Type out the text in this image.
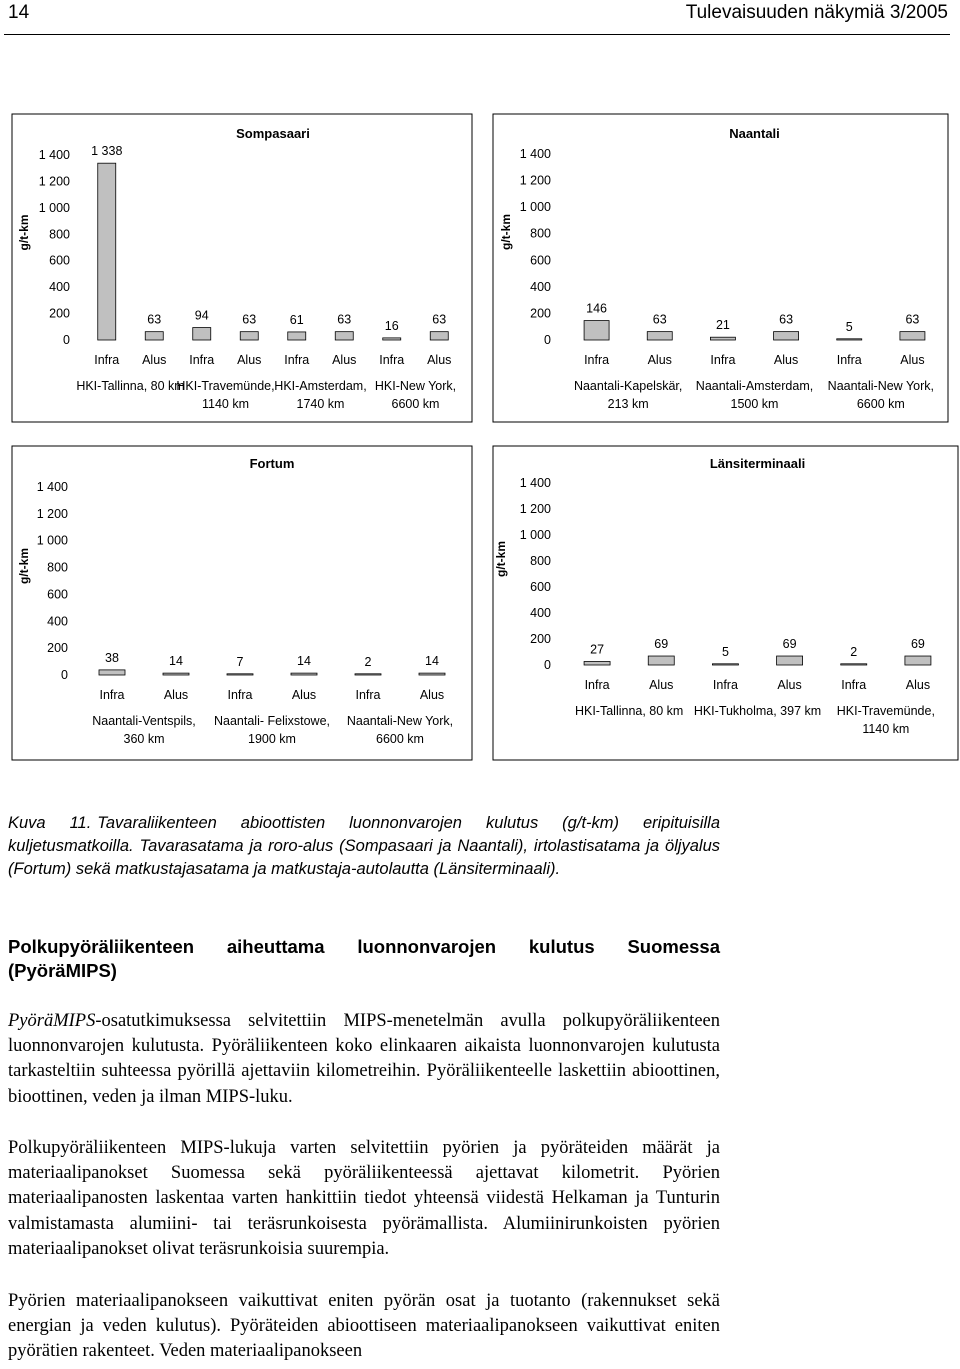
14	Tulevaisuuden näkymiä 3/2005
Sompasaari
g/t-km
1 400
1 200
1 000
800
600
400
200
0
1 338
Infra
63
Alus
94
Infra
63
Alus
61
Infra
63
Alus
16
Infra
63
Alus
HKI-Tallinna, 80 km
HKI-Travemünde,
1140 km
HKI-Amsterdam,
1740 km
HKI-New York,
6600 km
Naantali
g/t-km
1 400
1 200
1 000
800
600
400
200
0
146
Infra
63
Alus
21
Infra
63
Alus
5
Infra
63
Alus
Naantali-Kapelskär,
213 km
Naantali-Amsterdam,
1500 km
Naantali-New York,
6600 km
Fortum
g/t-km
1 400
1 200
1 000
800
600
400
200
0
38
Infra
14
Alus
7
Infra
14
Alus
2
Infra
14
Alus
Naantali-Ventspils,
360 km
Naantali- Felixstowe,
1900 km
Naantali-New York,
6600 km
Länsiterminaali
g/t-km
1 400
1 200
1 000
800
600
400
200
0
27
Infra
69
Alus
5
Infra
69
Alus
2
Infra
69
Alus
HKI-Tallinna, 80 km HKI-Tukholma, 397 km HKI-Travemünde,
1140 km
Kuva 11. Tavaraliikenteen abioottisten luonnonvarojen kulutus (g/t-km) eripituisilla kuljetusmatkoilla. Tavarasatama ja roro-alus (Sompasaari ja Naantali), irtolastisatama ja öljyalus (Fortum) sekä matkustajasatama ja matkustaja-autolautta (Länsiterminaali).
Polkupyöräliikenteen aiheuttama luonnonvarojen kulutus Suomessa (PyöräMIPS)

PyöräMIPS-osatutkimuksessa selvitettiin MIPS-menetelmän avulla polkupyöräliikenteen luonnonvarojen kulutusta. Pyöräliikenteen koko elinkaaren aikaista luonnonvarojen kulutusta tarkasteltiin suhteessa pyörillä ajettaviin kilometreihin. Pyöräliikenteelle laskettiin abioottinen, bioottinen, veden ja ilman MIPS-luku.

Polkupyöräliikenteen MIPS-lukuja varten selvitettiin pyörien ja pyöräteiden määrät ja materiaalipanokset Suomessa sekä pyöräliikenteessä ajettavat kilometrit. Pyörien materiaalipanosten laskentaa varten hankittiin tiedot yhteensä viidestä Helkaman ja Tunturin valmistamasta alumiini- tai teräsrunkoisesta pyörämallista. Alumiinirunkoisten pyörien materiaalipanokset olivat teräsrunkoisia suurempia.

Pyörien materiaalipanokseen vaikuttivat eniten pyörän osat ja tuotanto (rakennukset sekä energian ja veden kulutus). Pyöräteiden abioottiseen materiaalipanokseen vaikuttivat eniten pyörätien rakenteet. Veden materiaalipanokseen
